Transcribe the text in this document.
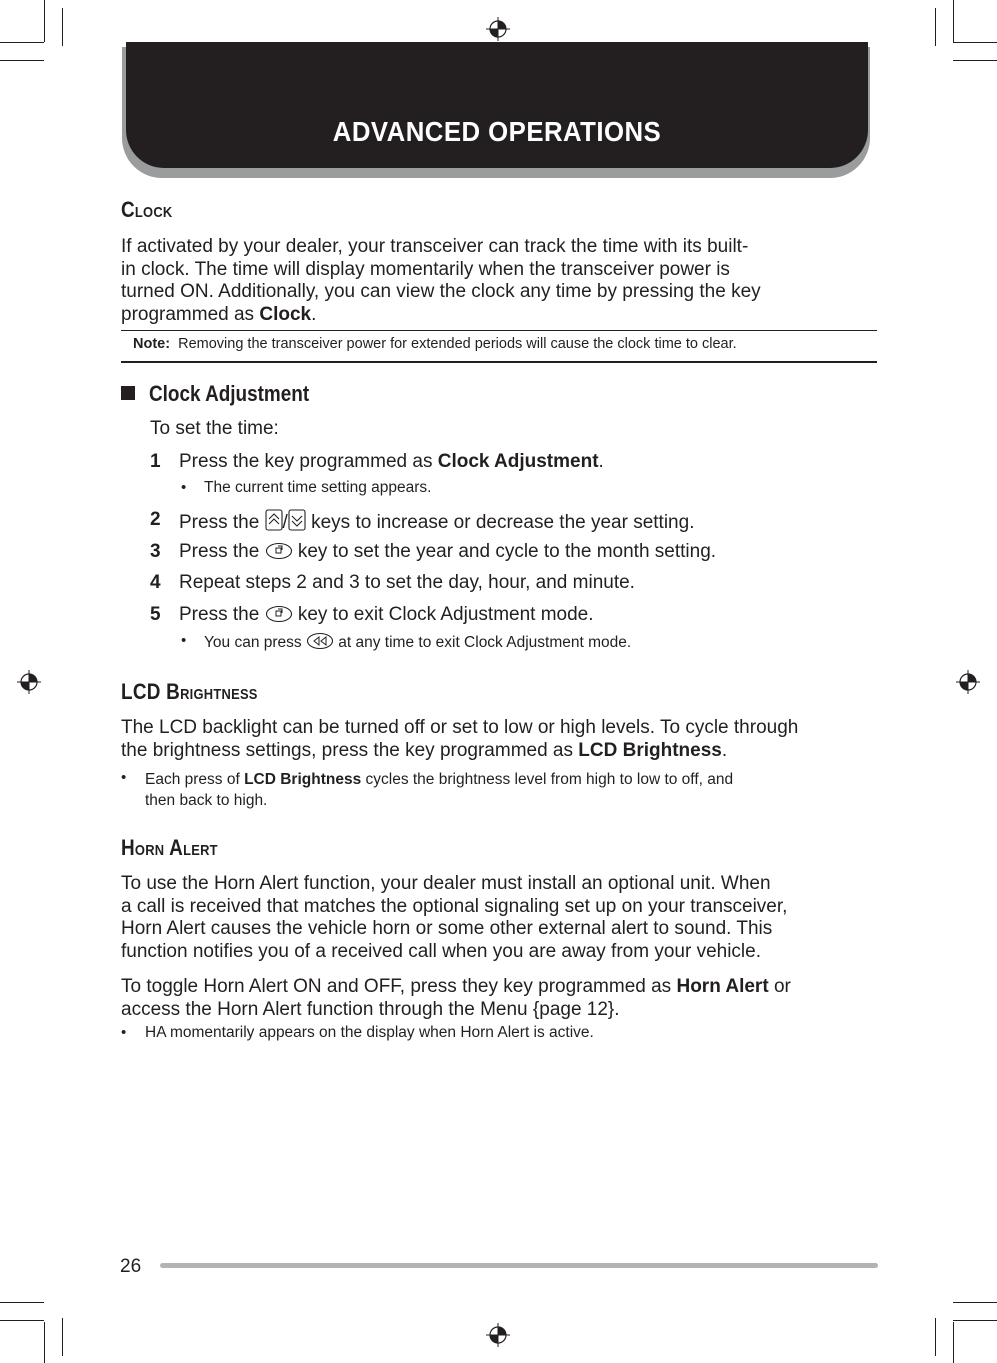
ADVANCED OPERATIONS
Clock
If activated by your dealer, your transceiver can track the time with its built-
in clock. The time will display momentarily when the transceiver power is
turned ON. Additionally, you can view the clock any time by pressing the key
programmed as Clock.
Note: Removing the transceiver power for extended periods will cause the clock time to clear.
Clock Adjustment
To set the time:
1 Press the key programmed as Clock Adjustment.
• The current time setting appears.
2 Press the / keys to increase or decrease the year setting.
3 Press the  key to set the year and cycle to the month setting.
4 Repeat steps 2 and 3 to set the day, hour, and minute.
5 Press the  key to exit Clock Adjustment mode.
• You can press  at any time to exit Clock Adjustment mode.
LCD Brightness
The LCD backlight can be turned off or set to low or high levels. To cycle through
the brightness settings, press the key programmed as LCD Brightness.
• Each press of LCD Brightness cycles the brightness level from high to low to off, and
then back to high.
Horn Alert
To use the Horn Alert function, your dealer must install an optional unit. When
a call is received that matches the optional signaling set up on your transceiver,
Horn Alert causes the vehicle horn or some other external alert to sound. This
function notifies you of a received call when you are away from your vehicle.
To toggle Horn Alert ON and OFF, press they key programmed as Horn Alert or
access the Horn Alert function through the Menu {page 12}.
• HA momentarily appears on the display when Horn Alert is active.
26
